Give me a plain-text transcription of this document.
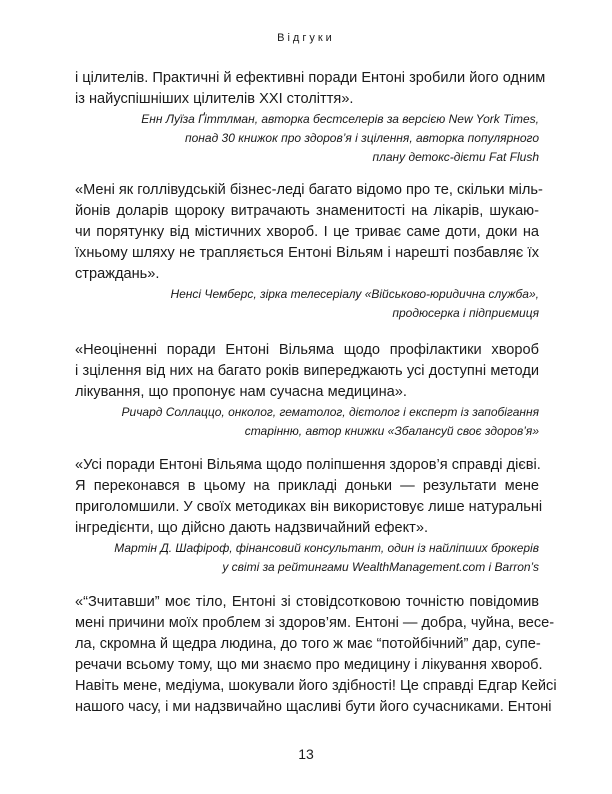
Відгуки
і цілителів. Практичні й ефективні поради Ентоні зробили його одним
із найуспішніших цілителів XXI століття».
Енн Луїза Ґіттлман, авторка бестселерів за версією New York Times,
понад 30 книжок про здоров’я і зцілення, авторка популярного
плану детокс-дієти Fat Flush
«Мені як голлівудській бізнес-леді багато відомо про те, скільки міль-
йонів доларів щороку витрачають знаменитості на лікарів, шукаю-
чи порятунку від містичних хвороб. І це триває саме доти, доки на
їхньому шляху не трапляється Ентоні Вільям і нарешті позбавляє їх
страждань».
Ненсі Чемберс, зірка телесеріалу «Військово-юридична служба»,
продюсерка і підприємиця
«Неоціненні поради Ентоні Вільяма щодо профілактики хвороб
і зцілення від них на багато років випереджають усі доступні методи
лікування, що пропонує нам сучасна медицина».
Ричард Соллаццо, онколог, гематолог, дієтолог і експерт із запобігання
старінню, автор книжки «Збалансуй своє здоров’я»
«Усі поради Ентоні Вільяма щодо поліпшення здоров’я справді дієві.
Я переконався в цьому на прикладі доньки — результати мене
приголомшили. У своїх методиках він використовує лише натуральні
інгредієнти, що дійсно дають надзвичайний ефект».
Мартін Д. Шафіроф, фінансовий консультант, один із найліпших брокерів
у світі за рейтингами WealthManagement.com і Barron’s
«“Зчитавши” моє тіло, Ентоні зі стовідсотковою точністю повідомив
мені причини моїх проблем зі здоров’ям. Ентоні — добра, чуйна, весе-
ла, скромна й щедра людина, до того ж має “потойбічний” дар, супе-
речачи всьому тому, що ми знаємо про медицину і лікування хвороб.
Навіть мене, медіума, шокували його здібності! Це справді Едгар Кейсі
нашого часу, і ми надзвичайно щасливі бути його сучасниками. Ентоні
13
